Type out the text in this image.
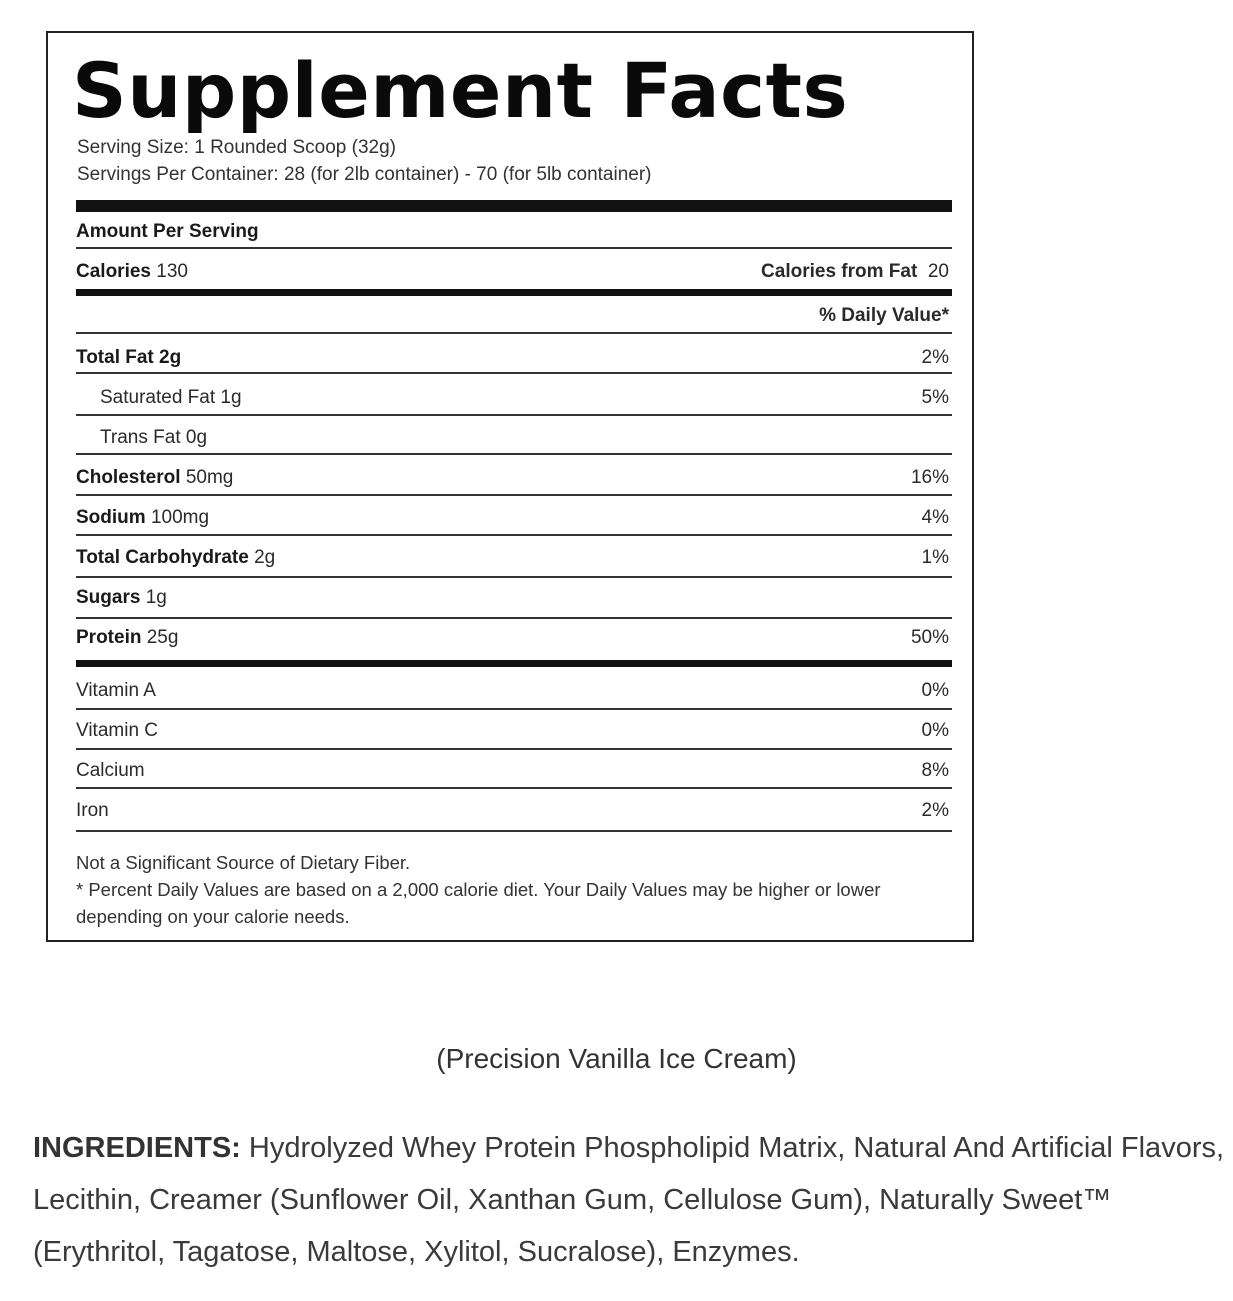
Supplement Facts
Serving Size: 1 Rounded Scoop (32g)
Servings Per Container: 28 (for 2lb container) - 70 (for 5lb container)
Amount Per Serving
Calories 130	Calories from Fat 20
% Daily Value*
Total Fat 2g	2%
Saturated Fat 1g	5%
Trans Fat 0g
Cholesterol 50mg	16%
Sodium 100mg	4%
Total Carbohydrate 2g	1%
Sugars 1g
Protein 25g	50%
Vitamin A	0%
Vitamin C	0%
Calcium	8%
Iron	2%
Not a Significant Source of Dietary Fiber.
* Percent Daily Values are based on a 2,000 calorie diet. Your Daily Values may be higher or lower depending on your calorie needs.
(Precision Vanilla Ice Cream)
INGREDIENTS: Hydrolyzed Whey Protein Phospholipid Matrix, Natural And Artificial Flavors, Lecithin, Creamer (Sunflower Oil, Xanthan Gum, Cellulose Gum), Naturally Sweet™ (Erythritol, Tagatose, Maltose, Xylitol, Sucralose), Enzymes.
